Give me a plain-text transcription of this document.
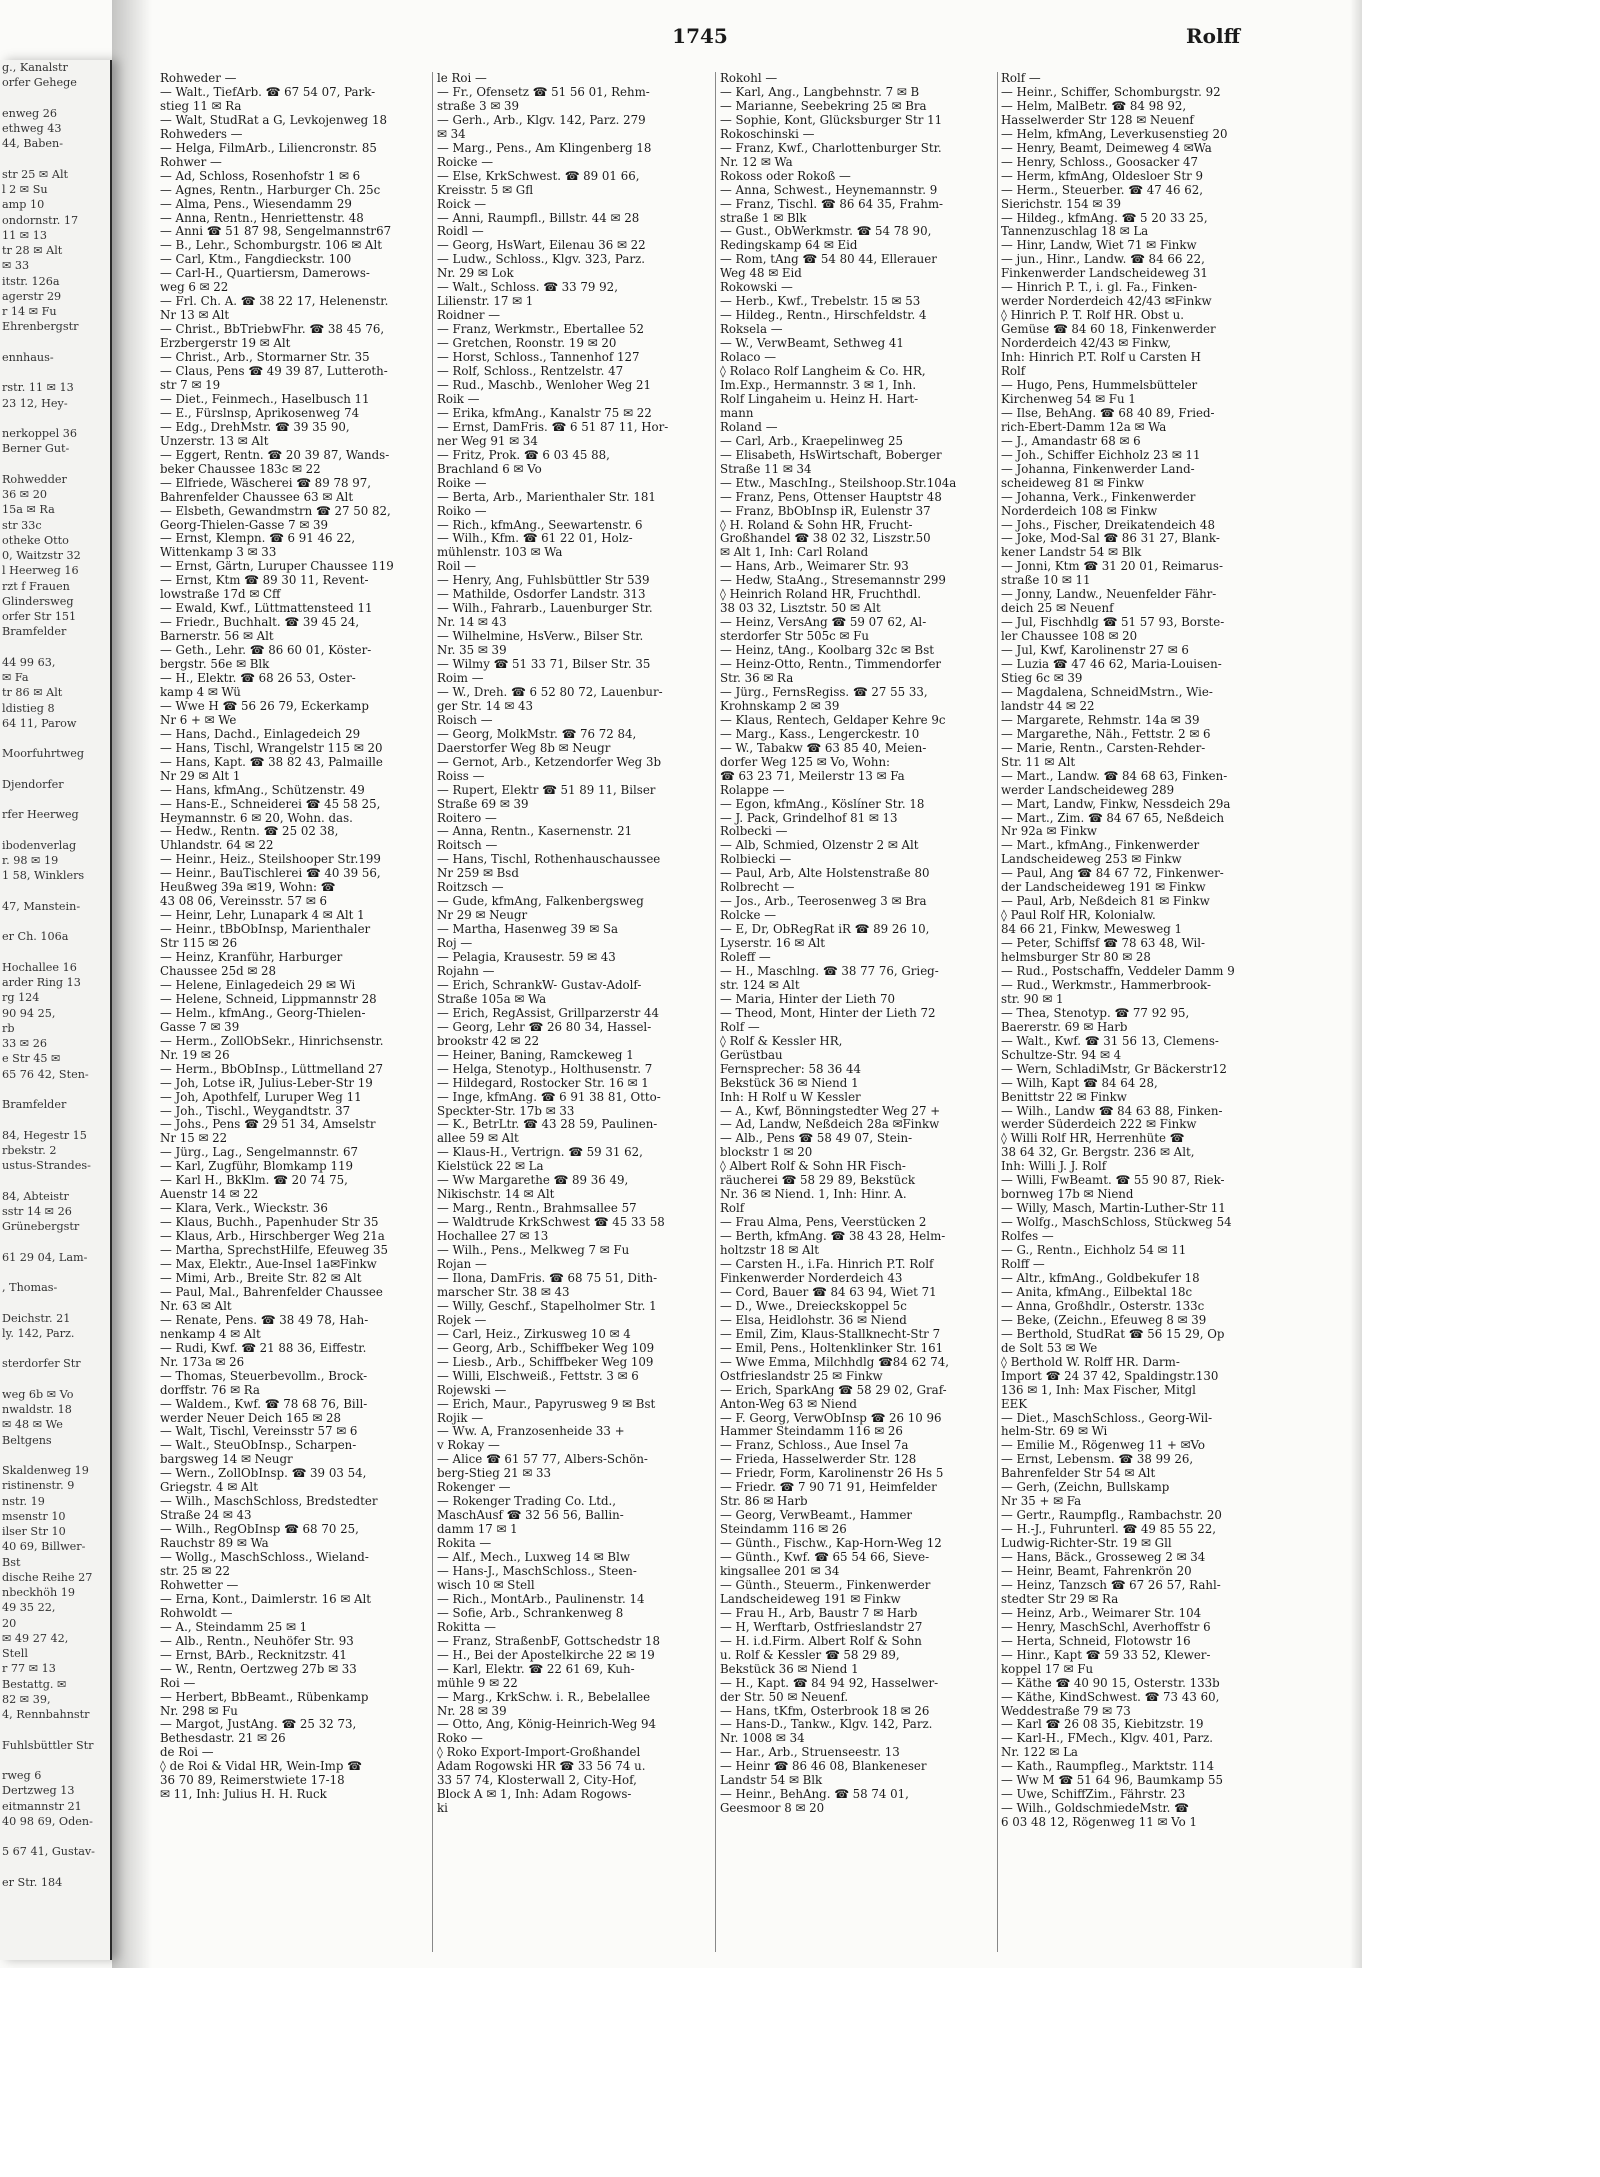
g., Kanalstr
orfer Gehege

enweg 26
ethweg 43
44, Baben-

str 25 ✉ Alt
l 2 ✉ Su
amp 10
ondornstr. 17
11 ✉ 13
tr 28 ✉ Alt
✉ 33
itstr. 126a
agerstr 29
r 14 ✉ Fu
Ehrenbergstr

ennhaus-

rstr. 11 ✉ 13
23 12, Hey-

nerkoppel 36
Berner Gut-

Rohwedder
36 ✉ 20
15a ✉ Ra
str 33c
otheke Otto
0, Waitzstr 32
l Heerweg 16
rzt f Frauen
Glindersweg
orfer Str 151
Bramfelder

44 99 63,
✉ Fa
tr 86 ✉ Alt
ldistieg 8
64 11, Parow

Moorfuhrtweg

Djendorfer

rfer Heerweg

ibodenverlag
r. 98 ✉ 19
1 58, Winklers

47, Manstein-

er Ch. 106a

Hochallee 16
arder Ring 13
rg 124
90 94 25,
rb
33 ✉ 26
e Str 45 ✉
65 76 42, Sten-

Bramfelder

84, Hegestr 15
rbekstr. 2
ustus-Strandes-

84, Abteistr
sstr 14 ✉ 26
Grünebergstr

61 29 04, Lam-

, Thomas-

Deichstr. 21
ly. 142, Parz.

sterdorfer Str

weg 6b ✉ Vo
nwaldstr. 18
✉ 48 ✉ We
Beltgens

Skaldenweg 19
ristinenstr. 9
nstr. 19
msenstr 10
ilser Str 10
40 69, Billwer-
Bst
dische Reihe 27
nbeckhöh 19
49 35 22,
20
✉ 49 27 42,
Stell
r 77 ✉ 13
Bestattg. ✉
82 ✉ 39,
4, Rennbahnstr

Fuhlsbüttler Str

rweg 6
Dertzweg 13
eitmannstr 21
40 98 69, Oden-

5 67 41, Gustav-

er Str. 184
1745	Rolff
Rohweder —
— Walt., TiefArb. ☎ 67 54 07, Park-
stieg 11 ✉ Ra
— Walt, StudRat a G, Levkojenweg 18
Rohweders —
— Helga, FilmArb., Liliencronstr. 85
Rohwer —
— Ad, Schloss, Rosenhofstr 1 ✉ 6
— Agnes, Rentn., Harburger Ch. 25c
— Alma, Pens., Wiesendamm 29
— Anna, Rentn., Henriettenstr. 48
— Anni ☎ 51 87 98, Sengelmannstr67
— B., Lehr., Schomburgstr. 106 ✉ Alt
— Carl, Ktm., Fangdieckstr. 100
— Carl-H., Quartiersm, Damerows-
weg 6 ✉ 22
— Frl. Ch. A. ☎ 38 22 17, Helenenstr.
Nr 13 ✉ Alt
— Christ., BbTriebwFhr. ☎ 38 45 76,
Erzbergerstr 19 ✉ Alt
— Christ., Arb., Stormarner Str. 35
— Claus, Pens ☎ 49 39 87, Lutteroth-
str 7 ✉ 19
— Diet., Feinmech., Haselbusch 11
— E., Fürslnsp, Aprikosenweg 74
— Edg., DrehMstr. ☎ 39 35 90,
Unzerstr. 13 ✉ Alt
— Eggert, Rentn. ☎ 20 39 87, Wands-
beker Chaussee 183c ✉ 22
— Elfriede, Wäscherei ☎ 89 78 97,
Bahrenfelder Chaussee 63 ✉ Alt
— Elsbeth, Gewandmstrn ☎ 27 50 82,
Georg-Thielen-Gasse 7 ✉ 39
— Ernst, Klempn. ☎ 6 91 46 22,
Wittenkamp 3 ✉ 33
— Ernst, Gärtn, Luruper Chaussee 119
— Ernst, Ktm ☎ 89 30 11, Revent-
lowstraße 17d ✉ Cff
— Ewald, Kwf., Lüttmattensteed 11
— Friedr., Buchhalt. ☎ 39 45 24,
Barnerstr. 56 ✉ Alt
— Geth., Lehr. ☎ 86 60 01, Köster-
bergstr. 56e ✉ Blk
— H., Elektr. ☎ 68 26 53, Oster-
kamp 4 ✉ Wü
— Wwe H ☎ 56 26 79, Eckerkamp
Nr 6 + ✉ We
— Hans, Dachd., Einlagedeich 29
— Hans, Tischl, Wrangelstr 115 ✉ 20
— Hans, Kapt. ☎ 38 82 43, Palmaille
Nr 29 ✉ Alt 1
— Hans, kfmAng., Schützenstr. 49
— Hans-E., Schneiderei ☎ 45 58 25,
Heymannstr. 6 ✉ 20, Wohn. das.
— Hedw., Rentn. ☎ 25 02 38,
Uhlandstr. 64 ✉ 22
— Heinr., Heiz., Steilshooper Str.199
— Heinr., BauTischlerei ☎ 40 39 56,
Heußweg 39a ✉19, Wohn: ☎
43 08 06, Vereinsstr. 57 ✉ 6
— Heinr, Lehr, Lunapark 4 ✉ Alt 1
— Heinr., tBbObInsp, Marienthaler
Str 115 ✉ 26
— Heinz, Kranführ, Harburger
Chaussee 25d ✉ 28
— Helene, Einlagedeich 29 ✉ Wi
— Helene, Schneid, Lippmannstr 28
— Helm., kfmAng., Georg-Thielen-
Gasse 7 ✉ 39
— Herm., ZollObSekr., Hinrichsenstr.
Nr. 19 ✉ 26
— Herm., BbObInsp., Lüttmelland 27
— Joh, Lotse iR, Julius-Leber-Str 19
— Joh, Apothfelf, Luruper Weg 11
— Joh., Tischl., Weygandtstr. 37
— Johs., Pens ☎ 29 51 34, Amselstr
Nr 15 ✉ 22
— Jürg., Lag., Sengelmannstr. 67
— Karl, Zugführ, Blomkamp 119
— Karl H., BkKlm. ☎ 20 74 75,
Auenstr 14 ✉ 22
— Klara, Verk., Wieckstr. 36
— Klaus, Buchh., Papenhuder Str 35
— Klaus, Arb., Hirschberger Weg 21a
— Martha, SprechstHilfe, Efeuweg 35
— Max, Elektr., Aue-Insel 1a✉Finkw
— Mimi, Arb., Breite Str. 82 ✉ Alt
— Paul, Mal., Bahrenfelder Chaussee
Nr. 63 ✉ Alt
— Renate, Pens. ☎ 38 49 78, Hah-
nenkamp 4 ✉ Alt
— Rudi, Kwf. ☎ 21 88 36, Eiffestr.
Nr. 173a ✉ 26
— Thomas, Steuerbevollm., Brock-
dorffstr. 76 ✉ Ra
— Waldem., Kwf. ☎ 78 68 76, Bill-
werder Neuer Deich 165 ✉ 28
— Walt, Tischl, Vereinsstr 57 ✉ 6
— Walt., SteuObInsp., Scharpen-
bargsweg 14 ✉ Neugr
— Wern., ZollObInsp. ☎ 39 03 54,
Griegstr. 4 ✉ Alt
— Wilh., MaschSchloss, Bredstedter
Straße 24 ✉ 43
— Wilh., RegObInsp ☎ 68 70 25,
Rauchstr 89 ✉ Wa
— Wollg., MaschSchloss., Wieland-
str. 25 ✉ 22
Rohwetter —
— Erna, Kont., Daimlerstr. 16 ✉ Alt
Rohwoldt —
— A., Steindamm 25 ✉ 1
— Alb., Rentn., Neuhöfer Str. 93
— Ernst, BArb., Recknitzstr. 41
— W., Rentn, Oertzweg 27b ✉ 33
Roi —
— Herbert, BbBeamt., Rübenkamp
Nr. 298 ✉ Fu
— Margot, JustAng. ☎ 25 32 73,
Bethesdastr. 21 ✉ 26
de Roi —
◊ de Roi & Vidal HR, Wein-Imp ☎
36 70 89, Reimerstwiete 17-18
✉ 11, Inh: Julius H. H. Ruck
le Roi —
— Fr., Ofensetz ☎ 51 56 01, Rehm-
straße 3 ✉ 39
— Gerh., Arb., Klgv. 142, Parz. 279
✉ 34
— Marg., Pens., Am Klingenberg 18
Roicke —
— Else, KrkSchwest. ☎ 89 01 66,
Kreisstr. 5 ✉ Gfl
Roick —
— Anni, Raumpfl., Billstr. 44 ✉ 28
Roidl —
— Georg, HsWart, Eilenau 36 ✉ 22
— Ludw., Schloss., Klgv. 323, Parz.
Nr. 29 ✉ Lok
— Walt., Schloss. ☎ 33 79 92,
Lilienstr. 17 ✉ 1
Roidner —
— Franz, Werkmstr., Ebertallee 52
— Gretchen, Roonstr. 19 ✉ 20
— Horst, Schloss., Tannenhof 127
— Rolf, Schloss., Rentzelstr. 47
— Rud., Maschb., Wenloher Weg 21
Roik —
— Erika, kfmAng., Kanalstr 75 ✉ 22
— Ernst, DamFris. ☎ 6 51 87 11, Hor-
ner Weg 91 ✉ 34
— Fritz, Prok. ☎ 6 03 45 88,
Brachland 6 ✉ Vo
Roike —
— Berta, Arb., Marienthaler Str. 181
Roiko —
— Rich., kfmAng., Seewartenstr. 6
— Wilh., Kfm. ☎ 61 22 01, Holz-
mühlenstr. 103 ✉ Wa
Roil —
— Henry, Ang, Fuhlsbüttler Str 539
— Mathilde, Osdorfer Landstr. 313
— Wilh., Fahrarb., Lauenburger Str.
Nr. 14 ✉ 43
— Wilhelmine, HsVerw., Bilser Str.
Nr. 35 ✉ 39
— Wilmy ☎ 51 33 71, Bilser Str. 35
Roim —
— W., Dreh. ☎ 6 52 80 72, Lauenbur-
ger Str. 14 ✉ 43
Roisch —
— Georg, MolkMstr. ☎ 76 72 84,
Daerstorfer Weg 8b ✉ Neugr
— Gernot, Arb., Ketzendorfer Weg 3b
Roiss —
— Rupert, Elektr ☎ 51 89 11, Bilser
Straße 69 ✉ 39
Roitero —
— Anna, Rentn., Kasernenstr. 21
Roitsch —
— Hans, Tischl, Rothenhauschaussee
Nr 259 ✉ Bsd
Roitzsch —
— Gude, kfmAng, Falkenbergsweg
Nr 29 ✉ Neugr
— Martha, Hasenweg 39 ✉ Sa
Roj —
— Pelagia, Krausestr. 59 ✉ 43
Rojahn —
— Erich, SchrankW- Gustav-Adolf-
Straße 105a ✉ Wa
— Erich, RegAssist, Grillparzerstr 44
— Georg, Lehr ☎ 26 80 34, Hassel-
brookstr 42 ✉ 22
— Heiner, Baning, Ramckeweg 1
— Helga, Stenotyp., Holthusenstr. 7
— Hildegard, Rostocker Str. 16 ✉ 1
— Inge, kfmAng. ☎ 6 91 38 81, Otto-
Speckter-Str. 17b ✉ 33
— K., BetrLtr. ☎ 43 28 59, Paulinen-
allee 59 ✉ Alt
— Klaus-H., Vertrign. ☎ 59 31 62,
Kielstück 22 ✉ La
— Ww Margarethe ☎ 89 36 49,
Nikischstr. 14 ✉ Alt
— Marg., Rentn., Brahmsallee 57
— Waldtrude KrkSchwest ☎ 45 33 58
Hochallee 27 ✉ 13
— Wilh., Pens., Melkweg 7 ✉ Fu
Rojan —
— Ilona, DamFris. ☎ 68 75 51, Dith-
marscher Str. 38 ✉ 43
— Willy, Geschf., Stapelholmer Str. 1
Rojek —
— Carl, Heiz., Zirkusweg 10 ✉ 4
— Georg, Arb., Schiffbeker Weg 109
— Liesb., Arb., Schiffbeker Weg 109
— Willi, Elschweiß., Fettstr. 3 ✉ 6
Rojewski —
— Erich, Maur., Papyrusweg 9 ✉ Bst
Rojik —
— Ww. A, Franzosenheide 33 +
v Rokay —
— Alice ☎ 61 57 77, Albers-Schön-
berg-Stieg 21 ✉ 33
Rokenger —
— Rokenger Trading Co. Ltd.,
MaschAusf ☎ 32 56 56, Ballin-
damm 17 ✉ 1
Rokita —
— Alf., Mech., Luxweg 14 ✉ Blw
— Hans-J., MaschSchloss., Steen-
wisch 10 ✉ Stell
— Rich., MontArb., Paulinenstr. 14
— Sofie, Arb., Schrankenweg 8
Rokitta —
— Franz, StraßenbF, Gottschedstr 18
— H., Bei der Apostelkirche 22 ✉ 19
— Karl, Elektr. ☎ 22 61 69, Kuh-
mühle 9 ✉ 22
— Marg., KrkSchw. i. R., Bebelallee
Nr. 28 ✉ 39
— Otto, Ang, König-Heinrich-Weg 94
Roko —
◊ Roko Export-Import-Großhandel
Adam Rogowski HR ☎ 33 56 74 u.
33 57 74, Klosterwall 2, City-Hof,
Block A ✉ 1, Inh: Adam Rogows-
ki
Rokohl —
— Karl, Ang., Langbehnstr. 7 ✉ B
— Marianne, Seebekring 25 ✉ Bra
— Sophie, Kont, Glücksburger Str 11
Rokoschinski —
— Franz, Kwf., Charlottenburger Str.
Nr. 12 ✉ Wa
Rokoss oder Rokoß —
— Anna, Schwest., Heynemannstr. 9
— Franz, Tischl. ☎ 86 64 35, Frahm-
straße 1 ✉ Blk
— Gust., ObWerkmstr. ☎ 54 78 90,
Redingskamp 64 ✉ Eid
— Rom, tAng ☎ 54 80 44, Ellerauer
Weg 48 ✉ Eid
Rokowski —
— Herb., Kwf., Trebelstr. 15 ✉ 53
— Hildeg., Rentn., Hirschfeldstr. 4
Roksela —
— W., VerwBeamt, Sethweg 41
Rolaco —
◊ Rolaco Rolf Langheim & Co. HR,
Im.Exp., Hermannstr. 3 ✉ 1, Inh.
Rolf Lingaheim u. Heinz H. Hart-
mann
Roland —
— Carl, Arb., Kraepelinweg 25
— Elisabeth, HsWirtschaft, Boberger
Straße 11 ✉ 34
— Etw., MaschIng., Steilshoop.Str.104a
— Franz, Pens, Ottenser Hauptstr 48
— Franz, BbObInsp iR, Eulenstr 37
◊ H. Roland & Sohn HR, Frucht-
Großhandel ☎ 38 02 32, Liszstr.50
✉ Alt 1, Inh: Carl Roland
— Hans, Arb., Weimarer Str. 93
— Hedw, StaAng., Stresemannstr 299
◊ Heinrich Roland HR, Fruchthdl.
38 03 32, Lisztstr. 50 ✉ Alt
— Heinz, VersAng ☎ 59 07 62, Al-
sterdorfer Str 505c ✉ Fu
— Heinz, tAng., Koolbarg 32c ✉ Bst
— Heinz-Otto, Rentn., Timmendorfer
Str. 36 ✉ Ra
— Jürg., FernsRegiss. ☎ 27 55 33,
Krohnskamp 2 ✉ 39
— Klaus, Rentech, Geldaper Kehre 9c
— Marg., Kass., Lengerckestr. 10
— W., Tabakw ☎ 63 85 40, Meien-
dorfer Weg 125 ✉ Vo, Wohn:
☎ 63 23 71, Meilerstr 13 ✉ Fa
Rolappe —
— Egon, kfmAng., Köslíner Str. 18
— J. Pack, Grindelhof 81 ✉ 13
Rolbecki —
— Alb, Schmied, Olzenstr 2 ✉ Alt
Rolbiecki —
— Paul, Arb, Alte Holstenstraße 80
Rolbrecht —
— Jos., Arb., Teerosenweg 3 ✉ Bra
Rolcke —
— E, Dr, ObRegRat iR ☎ 89 26 10,
Lyserstr. 16 ✉ Alt
Roleff —
— H., Maschlng. ☎ 38 77 76, Grieg-
str. 124 ✉ Alt
— Maria, Hinter der Lieth 70
— Theod, Mont, Hinter der Lieth 72
Rolf —
◊ Rolf & Kessler HR,
Gerüstbau
Fernsprecher: 58 36 44
Bekstück 36 ✉ Niend 1
Inh: H Rolf u W Kessler
— A., Kwf, Bönningstedter Weg 27 +
— Ad, Landw, Neßdeich 28a ✉Finkw
— Alb., Pens ☎ 58 49 07, Stein-
blockstr 1 ✉ 20
◊ Albert Rolf & Sohn HR Fisch-
räucherei ☎ 58 29 89, Bekstück
Nr. 36 ✉ Niend. 1, Inh: Hinr. A.
Rolf
— Frau Alma, Pens, Veerstücken 2
— Berth, kfmAng. ☎ 38 43 28, Helm-
holtzstr 18 ✉ Alt
— Carsten H., i.Fa. Hinrich P.T. Rolf
Finkenwerder Norderdeich 43
— Cord, Bauer ☎ 84 63 94, Wiet 71
— D., Wwe., Dreieckskoppel 5c
— Elsa, Heidlohstr. 36 ✉ Niend
— Emil, Zim, Klaus-Stallknecht-Str 7
— Emil, Pens., Holtenklinker Str. 161
— Wwe Emma, Milchhdlg ☎84 62 74,
Ostfrieslandstr 25 ✉ Finkw
— Erich, SparkAng ☎ 58 29 02, Graf-
Anton-Weg 63 ✉ Niend
— F. Georg, VerwObInsp ☎ 26 10 96
Hammer Steindamm 116 ✉ 26
— Franz, Schloss., Aue Insel 7a
— Frieda, Hasselwerder Str. 128
— Friedr, Form, Karolinenstr 26 Hs 5
— Friedr. ☎ 7 90 71 91, Heimfelder
Str. 86 ✉ Harb
— Georg, VerwBeamt., Hammer
Steindamm 116 ✉ 26
— Günth., Fischw., Kap-Horn-Weg 12
— Günth., Kwf. ☎ 65 54 66, Sieve-
kingsallee 201 ✉ 34
— Günth., Steuerm., Finkenwerder
Landscheideweg 191 ✉ Finkw
— Frau H., Arb, Baustr 7 ✉ Harb
— H, Werftarb, Ostfrieslandstr 27
— H. i.d.Firm. Albert Rolf & Sohn
u. Rolf & Kessler ☎ 58 29 89,
Bekstück 36 ✉ Niend 1
— H., Kapt. ☎ 84 94 92, Hasselwer-
der Str. 50 ✉ Neuenf.
— Hans, tKfm, Osterbrook 18 ✉ 26
— Hans-D., Tankw., Klgv. 142, Parz.
Nr. 1008 ✉ 34
— Har., Arb., Struenseestr. 13
— Heinr ☎ 86 46 08, Blankeneser
Landstr 54 ✉ Blk
— Heinr., BehAng. ☎ 58 74 01,
Geesmoor 8 ✉ 20
Rolf —
— Heinr., Schiffer, Schomburgstr. 92
— Helm, MalBetr. ☎ 84 98 92,
Hasselwerder Str 128 ✉ Neuenf
— Helm, kfmAng, Leverkusenstieg 20
— Henry, Beamt, Deimeweg 4 ✉Wa
— Henry, Schloss., Goosacker 47
— Herm, kfmAng, Oldesloer Str 9
— Herm., Steuerber. ☎ 47 46 62,
Sierichstr. 154 ✉ 39
— Hildeg., kfmAng. ☎ 5 20 33 25,
Tannenzuschlag 18 ✉ La
— Hinr, Landw, Wiet 71 ✉ Finkw
— jun., Hinr., Landw. ☎ 84 66 22,
Finkenwerder Landscheideweg 31
— Hinrich P. T., i. gl. Fa., Finken-
werder Norderdeich 42/43 ✉Finkw
◊ Hinrich P. T. Rolf HR. Obst u.
Gemüse ☎ 84 60 18, Finkenwerder
Norderdeich 42/43 ✉ Finkw,
Inh: Hinrich P.T. Rolf u Carsten H
Rolf
— Hugo, Pens, Hummelsbütteler
Kirchenweg 54 ✉ Fu 1
— Ilse, BehAng. ☎ 68 40 89, Fried-
rich-Ebert-Damm 12a ✉ Wa
— J., Amandastr 68 ✉ 6
— Joh., Schiffer Eichholz 23 ✉ 11
— Johanna, Finkenwerder Land-
scheideweg 81 ✉ Finkw
— Johanna, Verk., Finkenwerder
Norderdeich 108 ✉ Finkw
— Johs., Fischer, Dreikatendeich 48
— Joke, Mod-Sal ☎ 86 31 27, Blank-
kener Landstr 54 ✉ Blk
— Jonni, Ktm ☎ 31 20 01, Reimarus-
straße 10 ✉ 11
— Jonny, Landw., Neuenfelder Fähr-
deich 25 ✉ Neuenf
— Jul, Fischhdlg ☎ 51 57 93, Borste-
ler Chaussee 108 ✉ 20
— Jul, Kwf, Karolinenstr 27 ✉ 6
— Luzia ☎ 47 46 62, Maria-Louisen-
Stieg 6c ✉ 39
— Magdalena, SchneidMstrn., Wie-
landstr 44 ✉ 22
— Margarete, Rehmstr. 14a ✉ 39
— Margarethe, Näh., Fettstr. 2 ✉ 6
— Marie, Rentn., Carsten-Rehder-
Str. 11 ✉ Alt
— Mart., Landw. ☎ 84 68 63, Finken-
werder Landscheideweg 289
— Mart, Landw, Finkw, Nessdeich 29a
— Mart., Zim. ☎ 84 67 65, Neßdeich
Nr 92a ✉ Finkw
— Mart., kfmAng., Finkenwerder
Landscheideweg 253 ✉ Finkw
— Paul, Ang ☎ 84 67 72, Finkenwer-
der Landscheideweg 191 ✉ Finkw
— Paul, Arb, Neßdeich 81 ✉ Finkw
◊ Paul Rolf HR, Kolonialw.
84 66 21, Finkw, Mewesweg 1
— Peter, Schiffsf ☎ 78 63 48, Wil-
helmsburger Str 80 ✉ 28
— Rud., Postschaffn, Veddeler Damm 9
— Rud., Werkmstr., Hammerbrook-
str. 90 ✉ 1
— Thea, Stenotyp. ☎ 77 92 95,
Baererstr. 69 ✉ Harb
— Walt., Kwf. ☎ 31 56 13, Clemens-
Schultze-Str. 94 ✉ 4
— Wern, SchladiMstr, Gr Bäckerstr12
— Wilh, Kapt ☎ 84 64 28,
Benittstr 22 ✉ Finkw
— Wilh., Landw ☎ 84 63 88, Finken-
werder Süderdeich 222 ✉ Finkw
◊ Willi Rolf HR, Herrenhüte ☎
38 64 32, Gr. Bergstr. 236 ✉ Alt,
Inh: Willi J. J. Rolf
— Willi, FwBeamt. ☎ 55 90 87, Riek-
bornweg 17b ✉ Niend
— Willy, Masch, Martin-Luther-Str 11
— Wolfg., MaschSchloss, Stückweg 54
Rolfes —
— G., Rentn., Eichholz 54 ✉ 11
Rolff —
— Altr., kfmAng., Goldbekufer 18
— Anita, kfmAng., Eilbektal 18c
— Anna, Großhdlr., Osterstr. 133c
— Beke, (Zeichn., Efeuweg 8 ✉ 39
— Berthold, StudRat ☎ 56 15 29, Op
de Solt 53 ✉ We
◊ Berthold W. Rolff HR. Darm-
Import ☎ 24 37 42, Spaldingstr.130
136 ✉ 1, Inh: Max Fischer, Mitgl
EEK
— Diet., MaschSchloss., Georg-Wil-
helm-Str. 69 ✉ Wi
— Emilie M., Rögenweg 11 + ✉Vo
— Ernst, Lebensm. ☎ 38 99 26,
Bahrenfelder Str 54 ✉ Alt
— Gerh, (Zeichn, Bullskamp
Nr 35 + ✉ Fa
— Gertr., Raumpflg., Rambachstr. 20
— H.-J., Fuhrunterl. ☎ 49 85 55 22,
Ludwig-Richter-Str. 19 ✉ Gll
— Hans, Bäck., Grosseweg 2 ✉ 34
— Heinr, Beamt, Fahrenkrön 20
— Heinz, Tanzsch ☎ 67 26 57, Rahl-
stedter Str 29 ✉ Ra
— Heinz, Arb., Weimarer Str. 104
— Henry, MaschSchl, Averhoffstr 6
— Herta, Schneid, Flotowstr 16
— Hinr., Kapt ☎ 59 33 52, Klewer-
koppel 17 ✉ Fu
— Käthe ☎ 40 90 15, Osterstr. 133b
— Käthe, KindSchwest. ☎ 73 43 60,
Weddestraße 79 ✉ 73
— Karl ☎ 26 08 35, Kiebitzstr. 19
— Karl-H., FMech., Klgv. 401, Parz.
Nr. 122 ✉ La
— Kath., Raumpfleg., Marktstr. 114
— Ww M ☎ 51 64 96, Baumkamp 55
— Uwe, SchiffZim., Fährstr. 23
— Wilh., GoldschmiedeMstr. ☎
6 03 48 12, Rögenweg 11 ✉ Vo 1
